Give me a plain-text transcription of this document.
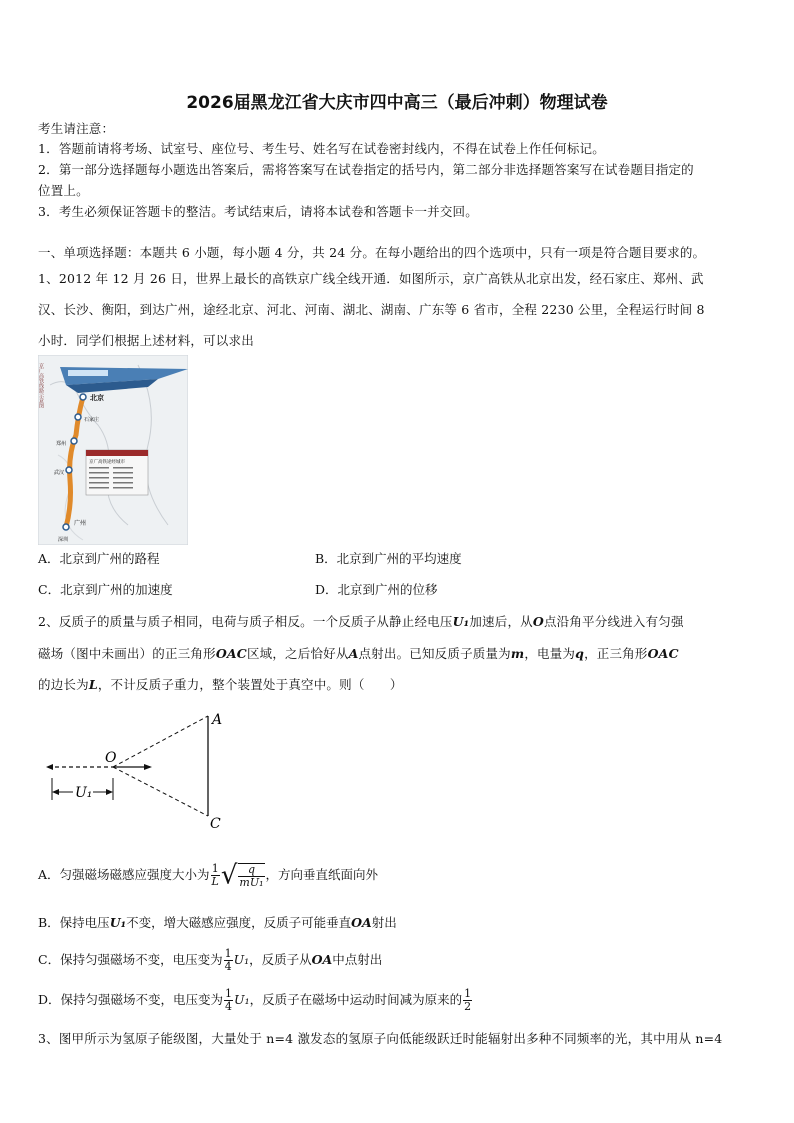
2026届黑龙江省大庆市四中高三（最后冲刺）物理试卷
考生请注意：
1．答题前请将考场、试室号、座位号、考生号、姓名写在试卷密封线内，不得在试卷上作任何标记。
2．第一部分选择题每小题选出答案后，需将答案写在试卷指定的括号内，第二部分非选择题答案写在试卷题目指定的
位置上。
3．考生必须保证答题卡的整洁。考试结束后，请将本试卷和答题卡一并交回。
一、单项选择题：本题共 6 小题，每小题 4 分，共 24 分。在每小题给出的四个选项中，只有一项是符合题目要求的。
1、2012 年 12 月 26 日，世界上最长的高铁京广线全线开通．如图所示，京广高铁从北京出发，经石家庄、郑州、武
汉、长沙、衡阳，到达广州，途经北京、河北、河南、湖北、湖南、广东等 6 省市，全程 2230 公里，全程运行时间 8
小时．同学们根据上述材料，可以求出
京广高铁线路示意图	北京
石家庄
郑州
武汉
广州
深圳
京广高铁途经城市
A．北京到广州的路程	B．北京到广州的平均速度
C．北京到广州的加速度	D．北京到广州的位移
2、反质子的质量与质子相同，电荷与质子相反。一个反质子从静止经电压U₁加速后，从O点沿角平分线进入有匀强
磁场（图中未画出）的正三角形OAC区域，之后恰好从A点射出。已知反质子质量为m，电量为q，正三角形OAC
的边长为L，不计反质子重力，整个装置处于真空中。则（　　）
A
O
C
U₁
A．匀强磁场磁感应强度大小为 $\frac{1}{L}$ √ $\frac{q}{\text{mU₁}}$ ，方向垂直纸面向外
B．保持电压U₁不变，增大磁感应强度，反质子可能垂直OA射出
C．保持匀强磁场不变，电压变为 $\frac{1}{4} U_1$，反质子从OA中点射出
D．保持匀强磁场不变，电压变为 $\frac{1}{4} U_1$，反质子在磁场中运动时间减为原来的 $\frac{1}{2}$
3、图甲所示为氢原子能级图，大量处于 n=4 激发态的氢原子向低能级跃迁时能辐射出多种不同频率的光，其中用从 n=4
